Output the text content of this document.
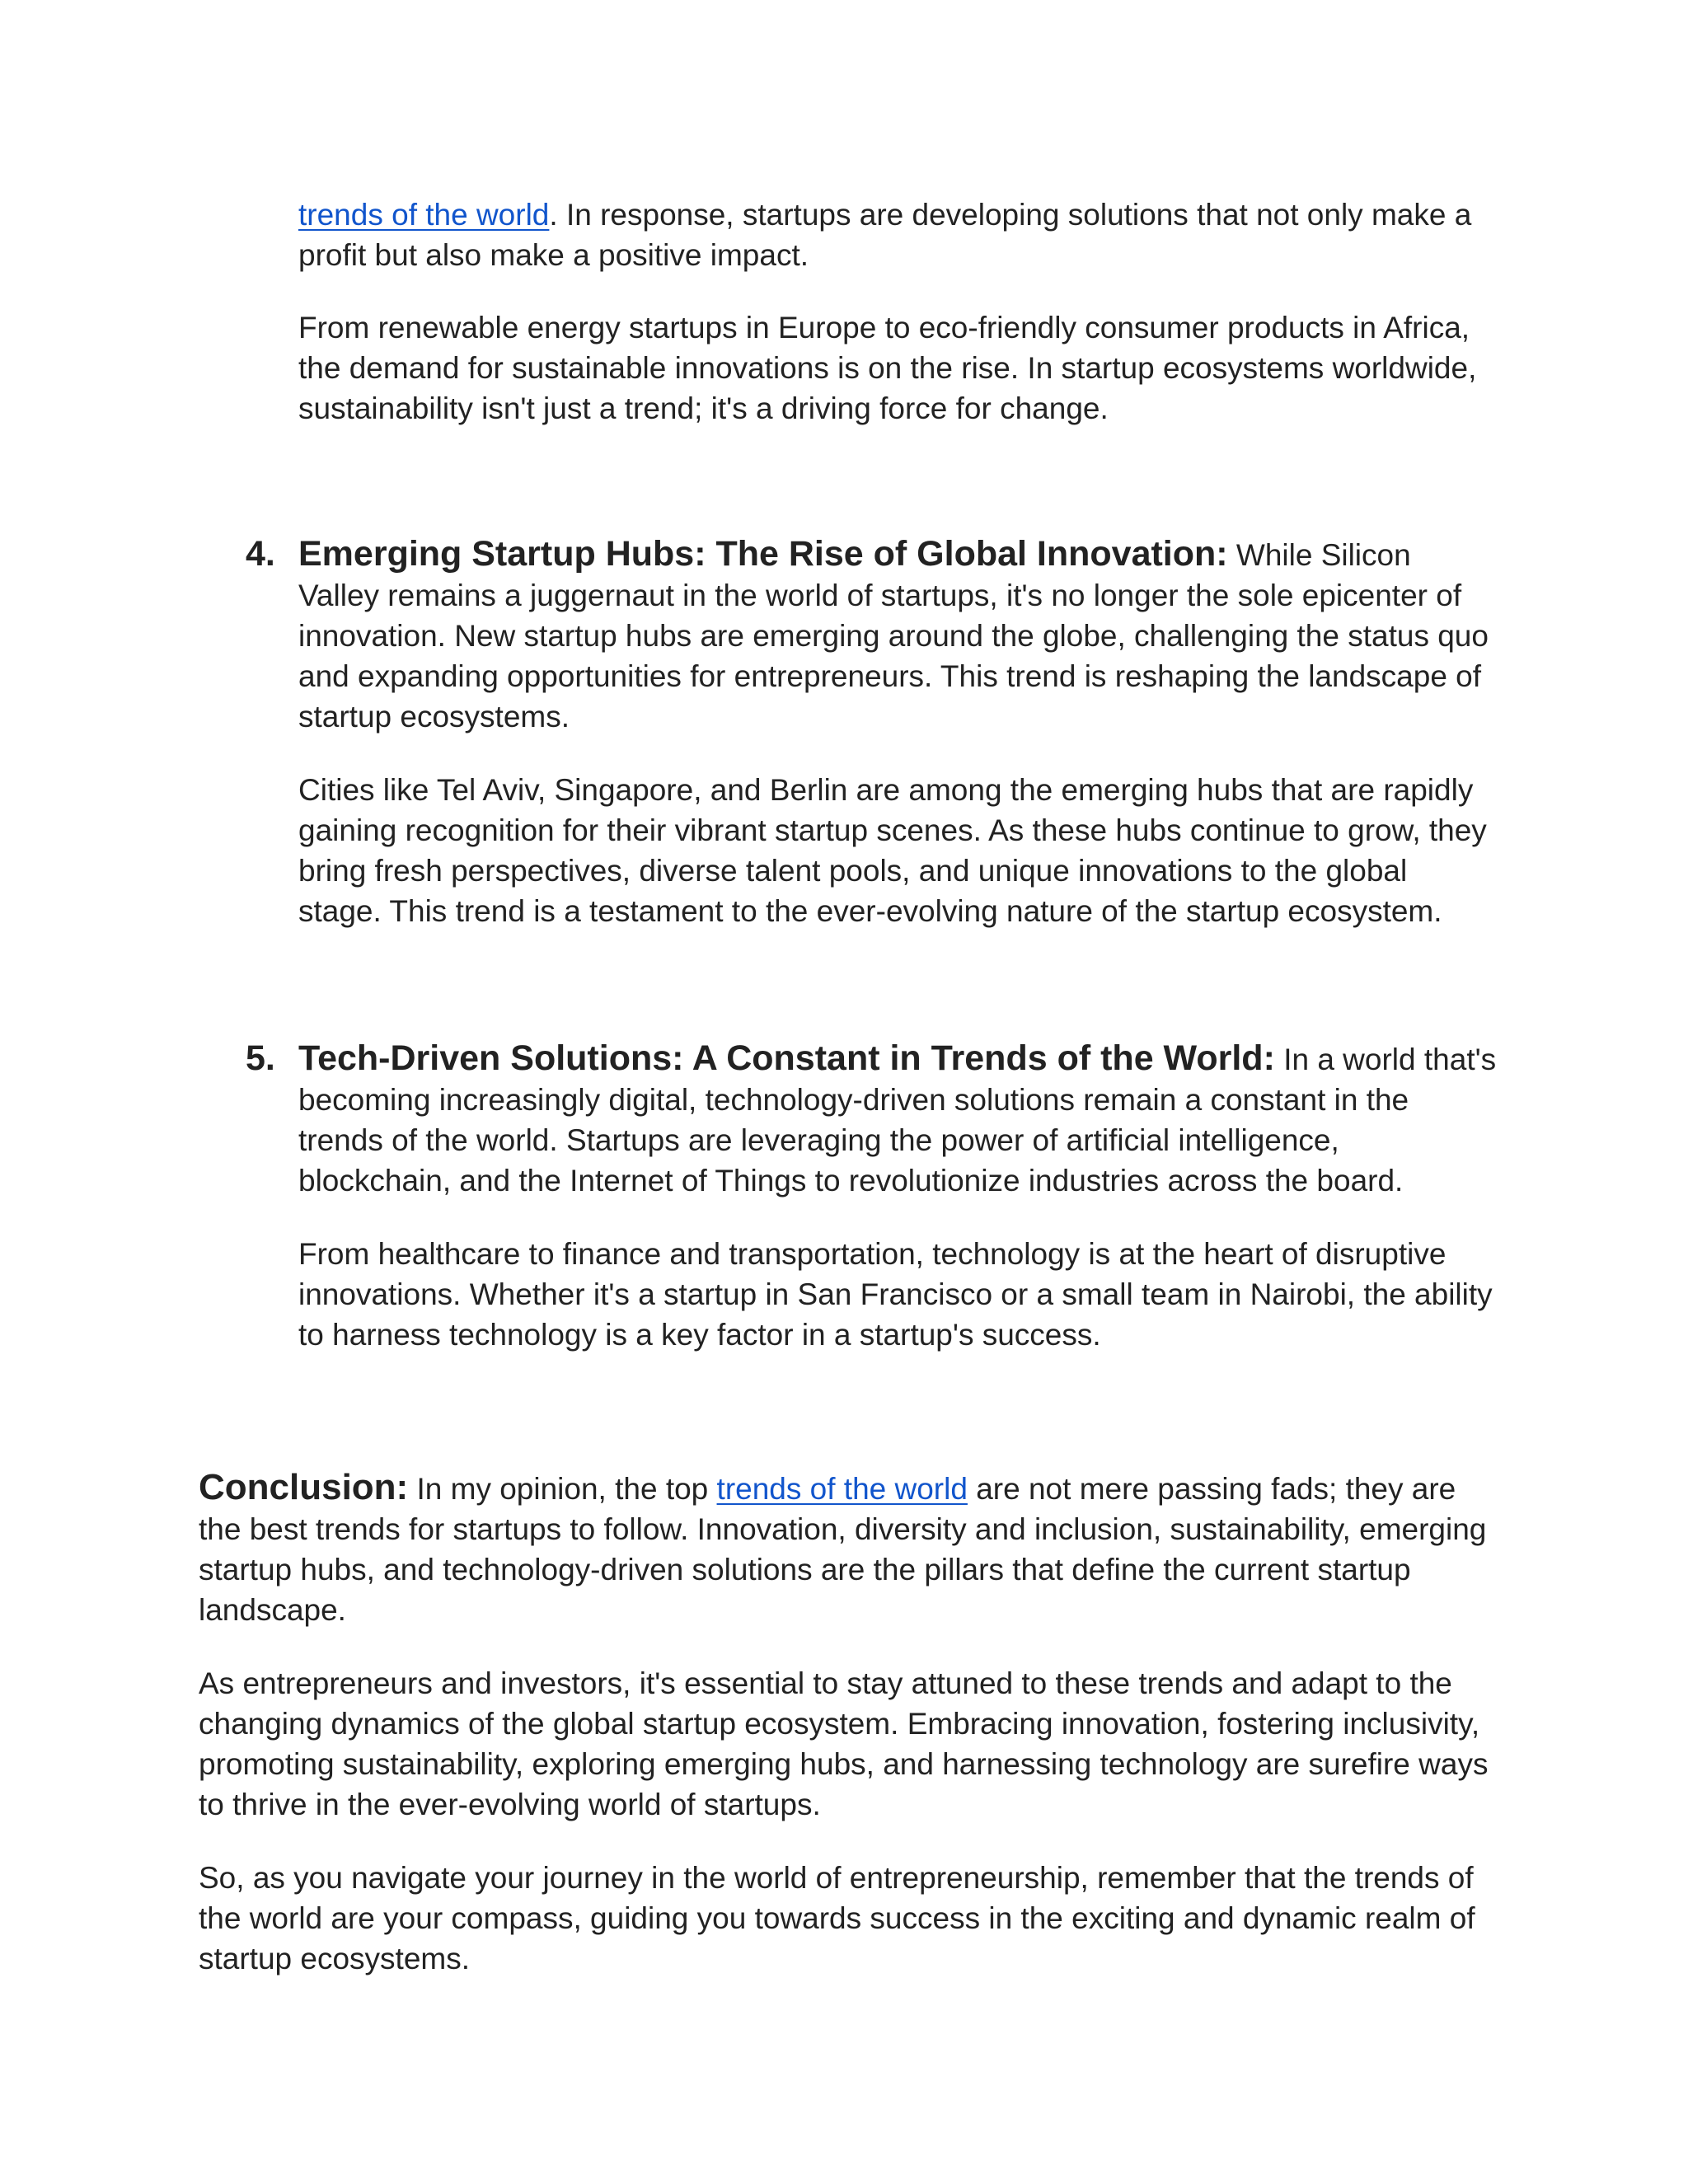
trends of the world. In response, startups are developing solutions that not only make a profit but also make a positive impact.

From renewable energy startups in Europe to eco-friendly consumer products in Africa, the demand for sustainable innovations is on the rise. In startup ecosystems worldwide, sustainability isn't just a trend; it's a driving force for change.

4. Emerging Startup Hubs: The Rise of Global Innovation: While Silicon Valley remains a juggernaut in the world of startups, it's no longer the sole epicenter of innovation. New startup hubs are emerging around the globe, challenging the status quo and expanding opportunities for entrepreneurs. This trend is reshaping the landscape of startup ecosystems.

Cities like Tel Aviv, Singapore, and Berlin are among the emerging hubs that are rapidly gaining recognition for their vibrant startup scenes. As these hubs continue to grow, they bring fresh perspectives, diverse talent pools, and unique innovations to the global stage. This trend is a testament to the ever-evolving nature of the startup ecosystem.

5. Tech-Driven Solutions: A Constant in Trends of the World: In a world that's becoming increasingly digital, technology-driven solutions remain a constant in the trends of the world. Startups are leveraging the power of artificial intelligence, blockchain, and the Internet of Things to revolutionize industries across the board.

From healthcare to finance and transportation, technology is at the heart of disruptive innovations. Whether it's a startup in San Francisco or a small team in Nairobi, the ability to harness technology is a key factor in a startup's success.

Conclusion: In my opinion, the top trends of the world are not mere passing fads; they are the best trends for startups to follow. Innovation, diversity and inclusion, sustainability, emerging startup hubs, and technology-driven solutions are the pillars that define the current startup landscape.

As entrepreneurs and investors, it's essential to stay attuned to these trends and adapt to the changing dynamics of the global startup ecosystem. Embracing innovation, fostering inclusivity, promoting sustainability, exploring emerging hubs, and harnessing technology are surefire ways to thrive in the ever-evolving world of startups.

So, as you navigate your journey in the world of entrepreneurship, remember that the trends of the world are your compass, guiding you towards success in the exciting and dynamic realm of startup ecosystems.
